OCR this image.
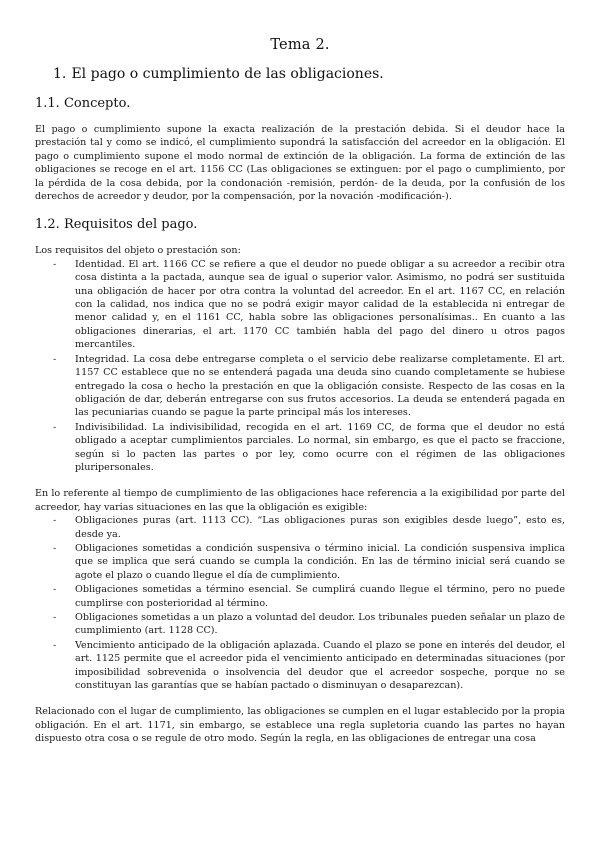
Tema 2.
1. El pago o cumplimiento de las obligaciones.
1.1. Concepto.

El pago o cumplimiento supone la exacta realización de la prestación debida. Si el deudor hace la prestación tal y como se indicó, el cumplimiento supondrá la satisfacción del acreedor en la obligación. El pago o cumplimiento supone el modo normal de extinción de la obligación. La forma de extinción de las obligaciones se recoge en el art. 1156 CC (Las obligaciones se extinguen: por el pago o cumplimiento, por la pérdida de la cosa debida, por la condonación -remisión, perdón- de la deuda, por la confusión de los derechos de acreedor y deudor, por la compensación, por la novación -modificación-).

1.2. Requisitos del pago.

Los requisitos del objeto o prestación son:

- Identidad. El art. 1166 CC se refiere a que el deudor no puede obligar a su acreedor a recibir otra cosa distinta a la pactada, aunque sea de igual o superior valor. Asimismo, no podrá ser sustituida una obligación de hacer por otra contra la voluntad del acreedor. En el art. 1167 CC, en relación con la calidad, nos indica que no se podrá exigir mayor calidad de la establecida ni entregar de menor calidad y, en el 1161 CC, habla sobre las obligaciones personalísimas.. En cuanto a las obligaciones dinerarias, el art. 1170 CC también habla del pago del dinero u otros pagos mercantiles.
- Integridad. La cosa debe entregarse completa o el servicio debe realizarse completamente. El art. 1157 CC establece que no se entenderá pagada una deuda sino cuando completamente se hubiese entregado la cosa o hecho la prestación en que la obligación consiste. Respecto de las cosas en la obligación de dar, deberán entregarse con sus frutos accesorios. La deuda se entenderá pagada en las pecuniarias cuando se pague la parte principal más los intereses.
- Indivisibilidad. La indivisibilidad, recogida en el art. 1169 CC, de forma que el deudor no está obligado a aceptar cumplimientos parciales. Lo normal, sin embargo, es que el pacto se fraccione, según si lo pacten las partes o por ley, como ocurre con el régimen de las obligaciones pluripersonales.

En lo referente al tiempo de cumplimiento de las obligaciones hace referencia a la exigibilidad por parte del acreedor, hay varias situaciones en las que la obligación es exigible:

- Obligaciones puras (art. 1113 CC). “Las obligaciones puras son exigibles desde luego”, esto es, desde ya.
- Obligaciones sometidas a condición suspensiva o término inicial. La condición suspensiva implica que se implica que será cuando se cumpla la condición. En las de término inicial será cuando se agote el plazo o cuando llegue el día de cumplimiento.
- Obligaciones sometidas a término esencial. Se cumplirá cuando llegue el término, pero no puede cumplirse con posterioridad al término.
- Obligaciones sometidas a un plazo a voluntad del deudor. Los tribunales pueden señalar un plazo de cumplimiento (art. 1128 CC).
- Vencimiento anticipado de la obligación aplazada. Cuando el plazo se pone en interés del deudor, el art. 1125 permite que el acreedor pida el vencimiento anticipado en determinadas situaciones (por imposibilidad sobrevenida o insolvencia del deudor que el acreedor sospeche, porque no se constituyan las garantías que se habían pactado o disminuyan o desaparezcan).

Relacionado con el lugar de cumplimiento, las obligaciones se cumplen en el lugar establecido por la propia obligación. En el art. 1171, sin embargo, se establece una regla supletoria cuando las partes no hayan dispuesto otra cosa o se regule de otro modo. Según la regla, en las obligaciones de entregar una cosa
